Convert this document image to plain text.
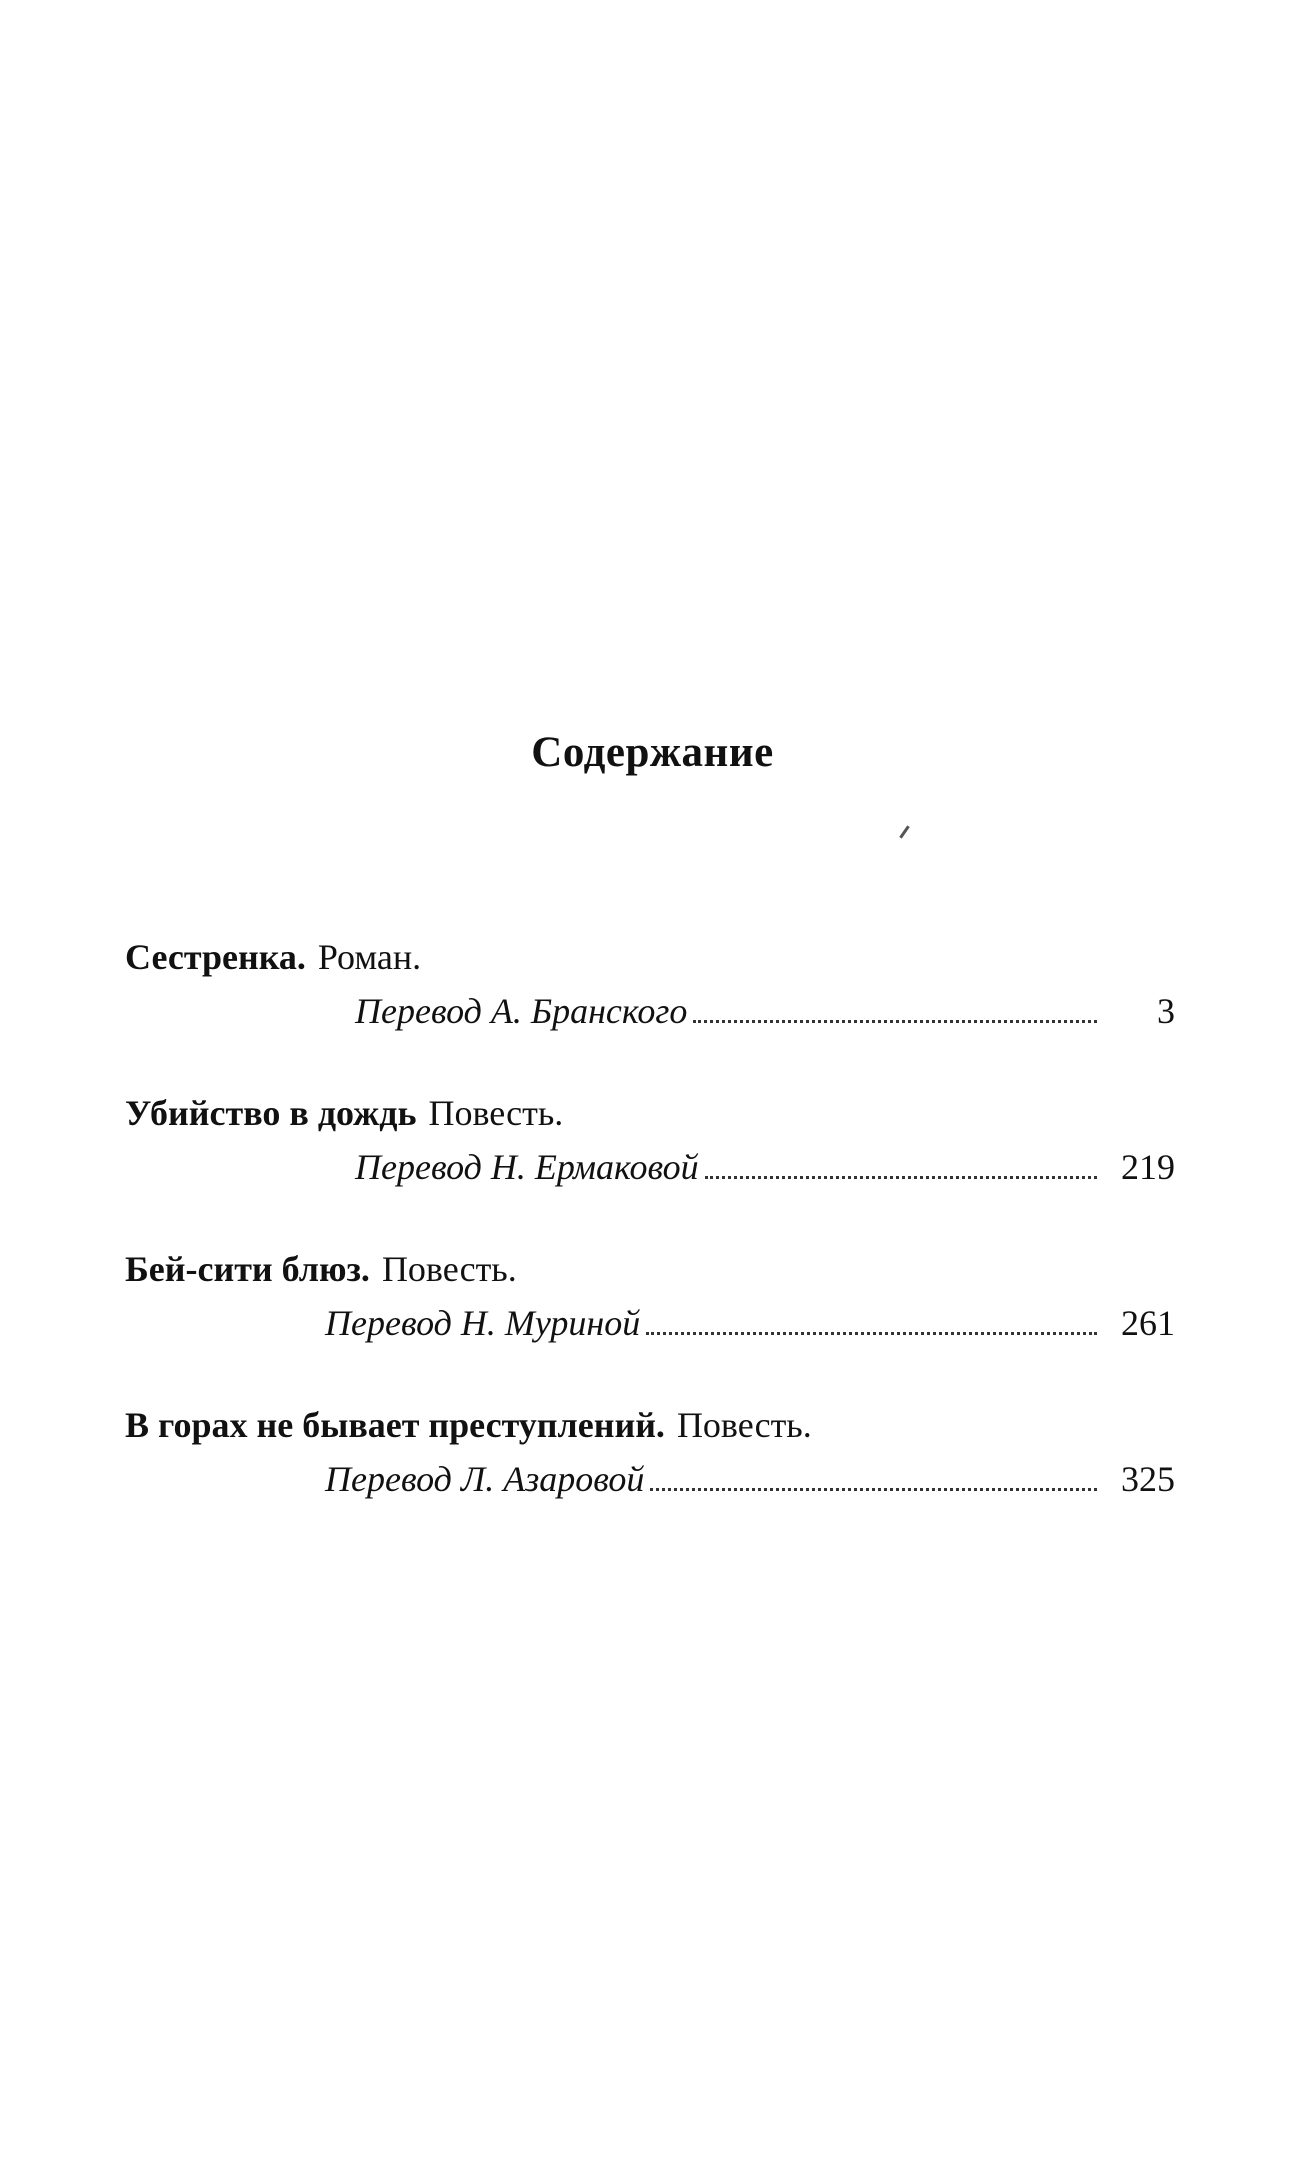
Содержание
Сестренка. Роман.
Перевод А. Бранского	3
Убийство в дождь Повесть.
Перевод Н. Ермаковой	219
Бей-сити блюз. Повесть.
Перевод Н. Муриной	261
В горах не бывает преступлений. Повесть.
Перевод Л. Азаровой	325
